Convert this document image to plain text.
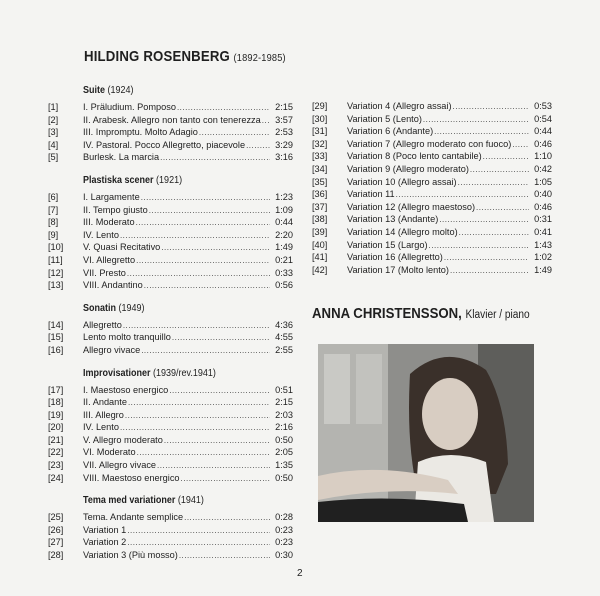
HILDING ROSENBERG (1892-1985)
Suite (1924)
[1]	I. Präludium. Pomposo .....	2:15
[2]	II. Arabesk. Allegro non tanto con tenerezza .....	3:57
[3]	III. Impromptu. Molto Adagio .....	2:53
[4]	IV. Pastoral. Pocco Allegretto, piacevole .....	3:29
[5]	Burlesk. La marcia .....	3:16
Plastiska scener (1921)
[6]	I. Largamente .....	1:23
[7]	II. Tempo giusto .....	1:09
[8]	III. Moderato .....	0:44
[9]	IV. Lento .....	2:20
[10]	V. Quasi Recitativo .....	1:49
[11]	VI. Allegretto .....	0:21
[12]	VII. Presto .....	0:33
[13]	VIII. Andantino .....	0:56
Sonatin (1949)
[14]	Allegretto .....	4:36
[15]	Lento molto tranquillo .....	4:55
[16]	Allegro vivace .....	2:55
Improvisationer (1939/rev.1941)
[17]	I. Maestoso energico .....	0:51
[18]	II. Andante .....	2:15
[19]	III. Allegro .....	2:03
[20]	IV. Lento .....	2:16
[21]	V. Allegro moderato .....	0:50
[22]	VI. Moderato .....	2:05
[23]	VII. Allegro vivace .....	1:35
[24]	VIII. Maestoso energico .....	0:50
Tema med variationer (1941)
[25]	Tema. Andante semplice .....	0:28
[26]	Variation 1 .....	0:23
[27]	Variation 2 .....	0:23
[28]	Variation 3 (Più mosso) .....	0:30
[29]	Variation 4 (Allegro assai) .....	0:53
[30]	Variation 5 (Lento) .....	0:54
[31]	Variation 6 (Andante) .....	0:44
[32]	Variation 7 (Allegro moderato con fuoco) .....	0:46
[33]	Variation 8 (Poco lento cantabile) .....	1:10
[34]	Variation 9 (Allegro moderato) .....	0:42
[35]	Variation 10 (Allegro assai) .....	1:05
[36]	Variation 11 .....	0:40
[37]	Variation 12 (Allegro maestoso) .....	0:46
[38]	Variation 13 (Andante) .....	0:31
[39]	Variation 14 (Allegro molto) .....	0:41
[40]	Variation 15 (Largo) .....	1:43
[41]	Variation 16 (Allegretto) .....	1:02
[42]	Variation 17 (Molto lento) .....	1:49
ANNA CHRISTENSSON, Klavier / piano
2
